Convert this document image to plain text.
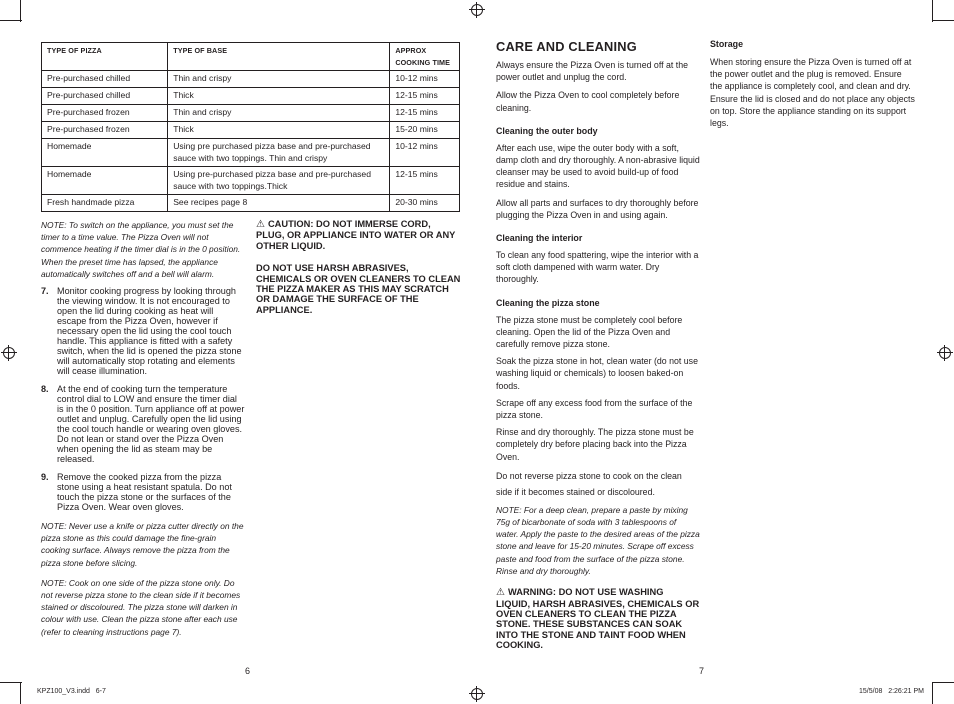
TYPE OF PIZZA	TYPE OF BASE	APPROX COOKING TIME
Pre-purchased chilled	Thin and crispy	10-12 mins
Pre-purchased chilled	Thick	12-15 mins
Pre-purchased frozen	Thin and crispy	12-15 mins
Pre-purchased frozen	Thick	15-20 mins
Homemade	Using pre purchased pizza base and pre-purchased sauce with two toppings. Thin and crispy	10-12 mins
Homemade	Using pre-purchased pizza base and pre-purchased sauce with two toppings.Thick	12-15 mins
Fresh handmade pizza	See recipes page 8	20-30 mins

NOTE: To switch on the appliance, you must set the timer to a time value. The Pizza Oven will not commence heating if the timer dial is in the 0 position. When the preset time has lapsed, the appliance automatically switches off and a bell will alarm.

7. Monitor cooking progress by looking through the viewing window. It is not encouraged to open the lid during cooking as heat will escape from the Pizza Oven, however if necessary open the lid using the cool touch handle. This appliance is fitted with a safety switch, when the lid is opened the pizza stone will automatically stop rotating and elements will cease illumination.
8. At the end of cooking turn the temperature control dial to LOW and ensure the timer dial is in the 0 position. Turn appliance off at power outlet and unplug. Carefully open the lid using the cool touch handle or wearing oven gloves. Do not lean or stand over the Pizza Oven when opening the lid as steam may be released.
9. Remove the cooked pizza from the pizza stone using a heat resistant spatula. Do not touch the pizza stone or the surfaces of the Pizza Oven. Wear oven gloves.

NOTE: Never use a knife or pizza cutter directly on the pizza stone as this could damage the fine-grain cooking surface. Always remove the pizza from the pizza stone before slicing.

NOTE: Cook on one side of the pizza stone only. Do not reverse pizza stone to the clean side if it becomes stained or discoloured. The pizza stone will darken in colour with use. Clean the pizza stone after each use (refer to cleaning instructions page 7).

⚠ CAUTION: DO NOT IMMERSE CORD, PLUG, OR APPLIANCE INTO WATER OR ANY OTHER LIQUID.

DO NOT USE HARSH ABRASIVES, CHEMICALS OR OVEN CLEANERS TO CLEAN THE PIZZA MAKER AS THIS MAY SCRATCH OR DAMAGE THE SURFACE OF THE APPLIANCE.

6
CARE AND CLEANING

Always ensure the Pizza Oven is turned off at the power outlet and unplug the cord.

Allow the Pizza Oven to cool completely before cleaning.

Cleaning the outer body

After each use, wipe the outer body with a soft, damp cloth and dry thoroughly. A non-abrasive liquid cleanser may be used to avoid build-up of food residue and stains.

Allow all parts and surfaces to dry thoroughly before plugging the Pizza Oven in and using again.

Cleaning the interior

To clean any food spattering, wipe the interior with a soft cloth dampened with warm water. Dry thoroughly.

Cleaning the pizza stone

The pizza stone must be completely cool before cleaning. Open the lid of the Pizza Oven and carefully remove pizza stone.

Soak the pizza stone in hot, clean water (do not use washing liquid or chemicals) to loosen baked-on foods.

Scrape off any excess food from the surface of the pizza stone.

Rinse and dry thoroughly. The pizza stone must be completely dry before placing back into the Pizza Oven.

Do not reverse pizza stone to cook on the clean side if it becomes stained or discoloured.

NOTE: For a deep clean, prepare a paste by mixing 75g of bicarbonate of soda with 3 tablespoons of water. Apply the paste to the desired areas of the pizza stone and leave for 15-20 minutes. Scrape off excess paste and food from the surface of the pizza stone. Rinse and dry thoroughly.

⚠ WARNING: DO NOT USE WASHING LIQUID, HARSH ABRASIVES, CHEMICALS OR OVEN CLEANERS TO CLEAN THE PIZZA STONE. THESE SUBSTANCES CAN SOAK INTO THE STONE AND TAINT FOOD WHEN COOKING.

Storage

When storing ensure the Pizza Oven is turned off at the power outlet and the plug is removed. Ensure the appliance is completely cool, and clean and dry. Ensure the lid is closed and do not place any objects on top. Store the appliance standing on its support legs.

7
KPZ100_V3.indd   6-7	15/5/08   2:26:21 PM
